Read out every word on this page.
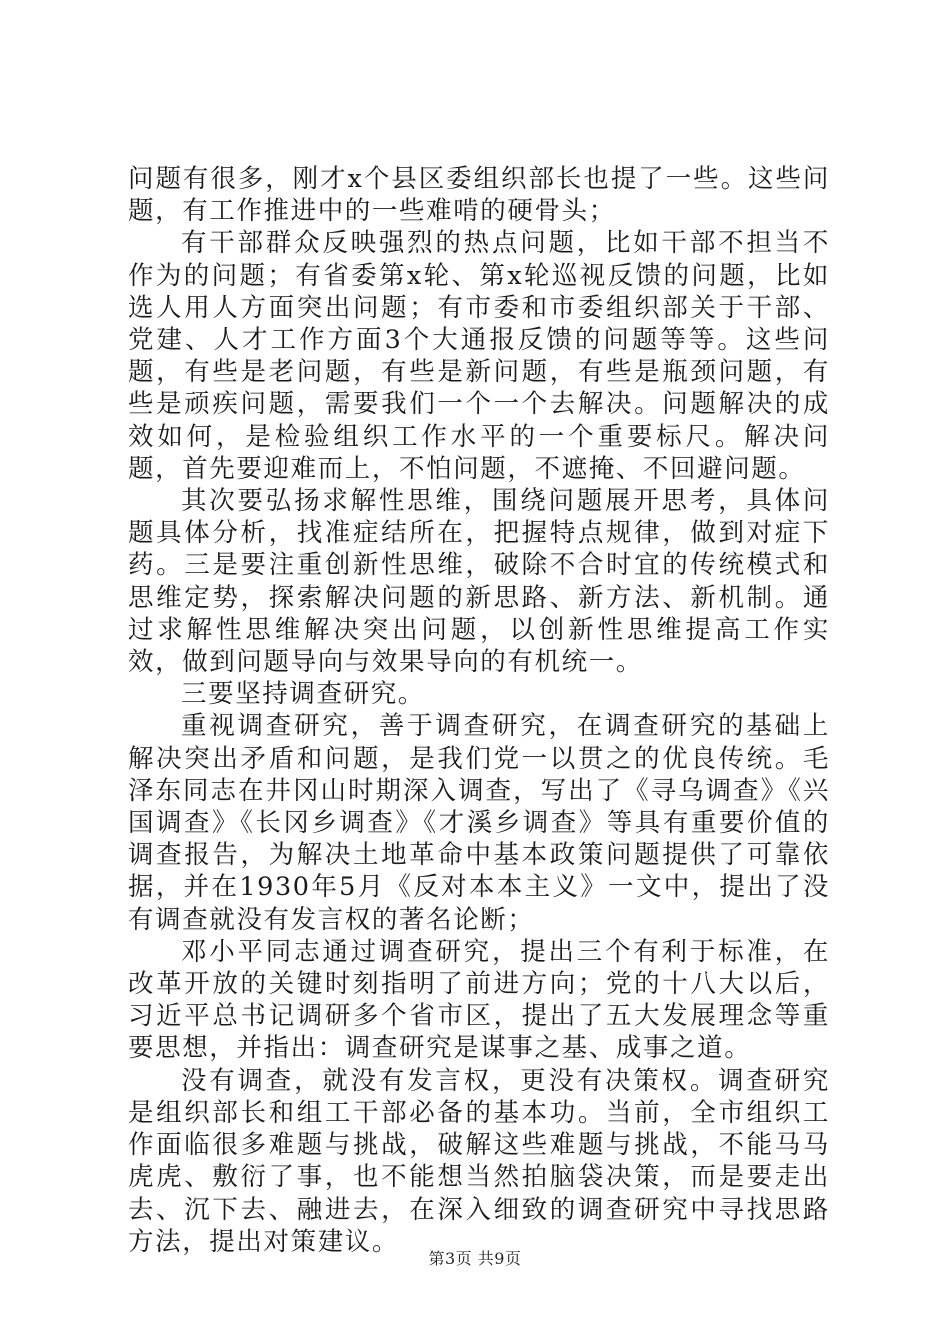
问题有很多，刚才x个县区委组织部长也提了一些。这些问题，有工作推进中的一些难啃的硬骨头；

有干部群众反映强烈的热点问题，比如干部不担当不作为的问题；有省委第x轮、第x轮巡视反馈的问题，比如选人用人方面突出问题；有市委和市委组织部关于干部、党建、人才工作方面3个大通报反馈的问题等等。这些问题，有些是老问题，有些是新问题，有些是瓶颈问题，有些是顽疾问题，需要我们一个一个去解决。问题解决的成效如何，是检验组织工作水平的一个重要标尺。解决问题，首先要迎难而上，不怕问题，不遮掩、不回避问题。

其次要弘扬求解性思维，围绕问题展开思考，具体问题具体分析，找准症结所在，把握特点规律，做到对症下药。三是要注重创新性思维，破除不合时宜的传统模式和思维定势，探索解决问题的新思路、新方法、新机制。通过求解性思维解决突出问题，以创新性思维提高工作实效，做到问题导向与效果导向的有机统一。

三要坚持调查研究。

重视调查研究，善于调查研究，在调查研究的基础上解决突出矛盾和问题，是我们党一以贯之的优良传统。毛泽东同志在井冈山时期深入调查，写出了《寻乌调查》《兴国调查》《长冈乡调查》《才溪乡调查》等具有重要价值的调查报告，为解决土地革命中基本政策问题提供了可靠依据，并在1930年5月《反对本本主义》一文中，提出了没有调查就没有发言权的著名论断；

邓小平同志通过调查研究，提出三个有利于标准，在改革开放的关键时刻指明了前进方向；党的十八大以后，习近平总书记调研多个省市区，提出了五大发展理念等重要思想，并指出：调查研究是谋事之基、成事之道。

没有调查，就没有发言权，更没有决策权。调查研究是组织部长和组工干部必备的基本功。当前，全市组织工作面临很多难题与挑战，破解这些难题与挑战，不能马马虎虎、敷衍了事，也不能想当然拍脑袋决策，而是要走出去、沉下去、融进去，在深入细致的调查研究中寻找思路方法，提出对策建议。

第3页 共9页
